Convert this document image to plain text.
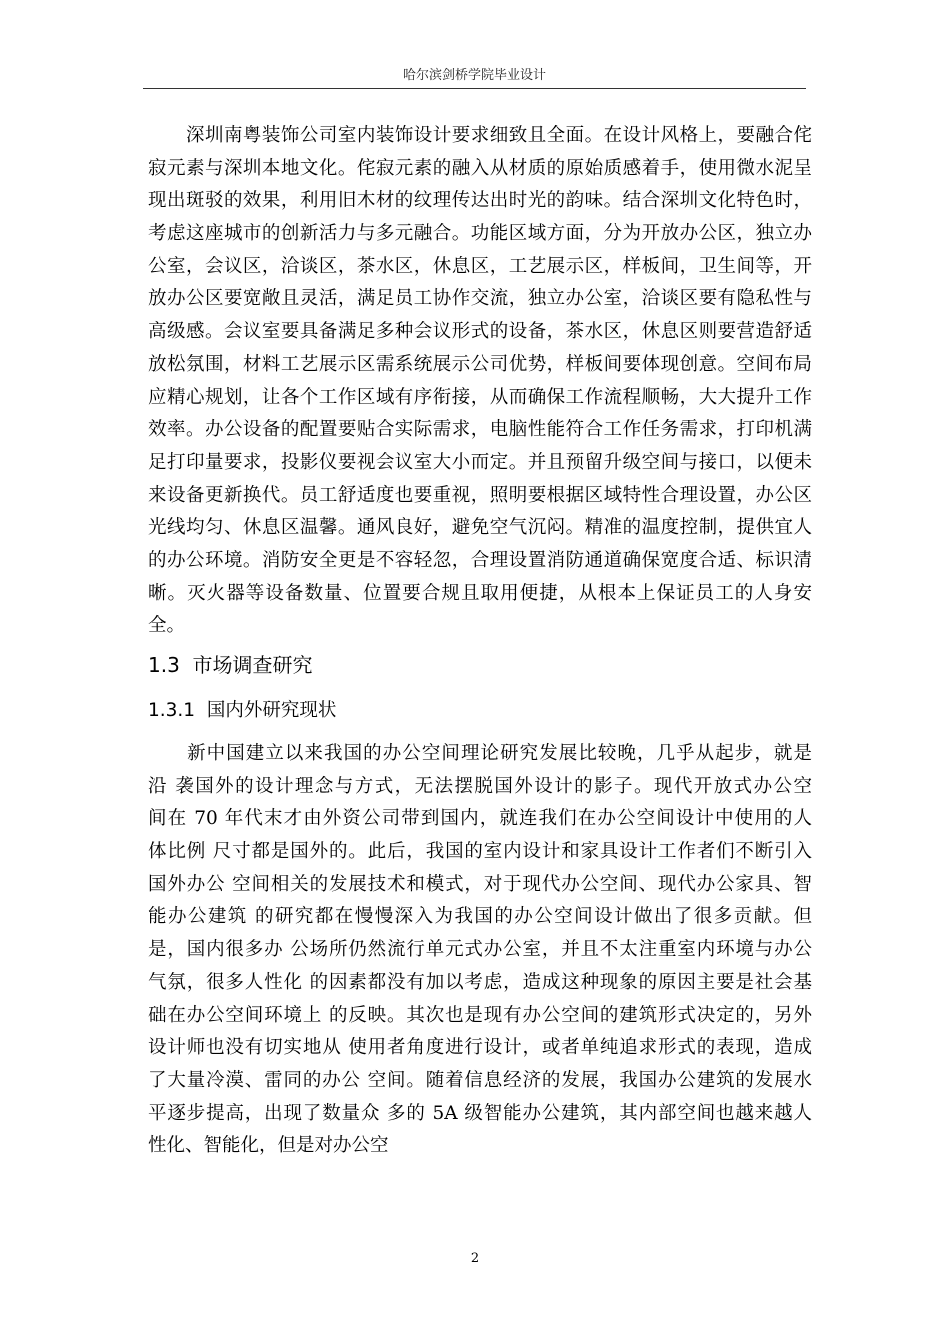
哈尔滨剑桥学院毕业设计
　　深圳南粤装饰公司室内装饰设计要求细致且全面。在设计风格上，要融合侘
寂元素与深圳本地文化。侘寂元素的融入从材质的原始质感着手，使用微水泥呈
现出斑驳的效果，利用旧木材的纹理传达出时光的韵味。结合深圳文化特色时，
考虑这座城市的创新活力与多元融合。功能区域方面，分为开放办公区，独立办
公室，会议区，洽谈区，茶水区，休息区，工艺展示区，样板间，卫生间等，开
放办公区要宽敞且灵活，满足员工协作交流，独立办公室，洽谈区要有隐私性与
高级感。会议室要具备满足多种会议形式的设备，茶水区，休息区则要营造舒适
放松氛围，材料工艺展示区需系统展示公司优势，样板间要体现创意。空间布局
应精心规划，让各个工作区域有序衔接，从而确保工作流程顺畅，大大提升工作
效率。办公设备的配置要贴合实际需求，电脑性能符合工作任务需求，打印机满
足打印量要求，投影仪要视会议室大小而定。并且预留升级空间与接口，以便未
来设备更新换代。员工舒适度也要重视，照明要根据区域特性合理设置，办公区
光线均匀、休息区温馨。通风良好，避免空气沉闷。精准的温度控制，提供宜人
的办公环境。消防安全更是不容轻忽，合理设置消防通道确保宽度合适、标识清
晰。灭火器等设备数量、位置要合规且取用便捷，从根本上保证员工的人身安
全。
1.3 市场调查研究
1.3.1 国内外研究现状
　　新中国建立以来我国的办公空间理论研究发展比较晚，几乎从起步，就是
沿 袭国外的设计理念与方式，无法摆脱国外设计的影子。现代开放式办公空
间在 70 年代末才由外资公司带到国内，就连我们在办公空间设计中使用的人
体比例 尺寸都是国外的。此后，我国的室内设计和家具设计工作者们不断引入
国外办公 空间相关的发展技术和模式，对于现代办公空间、现代办公家具、智
能办公建筑 的研究都在慢慢深入为我国的办公空间设计做出了很多贡献。但
是，国内很多办 公场所仍然流行单元式办公室，并且不太注重室内环境与办公
气氛，很多人性化 的因素都没有加以考虑，造成这种现象的原因主要是社会基
础在办公空间环境上 的反映。其次也是现有办公空间的建筑形式决定的，另外
设计师也没有切实地从 使用者角度进行设计，或者单纯追求形式的表现，造成
了大量冷漠、雷同的办公 空间。随着信息经济的发展，我国办公建筑的发展水
平逐步提高，出现了数量众 多的 5A 级智能办公建筑，其内部空间也越来越人
性化、智能化，但是对办公空
2
